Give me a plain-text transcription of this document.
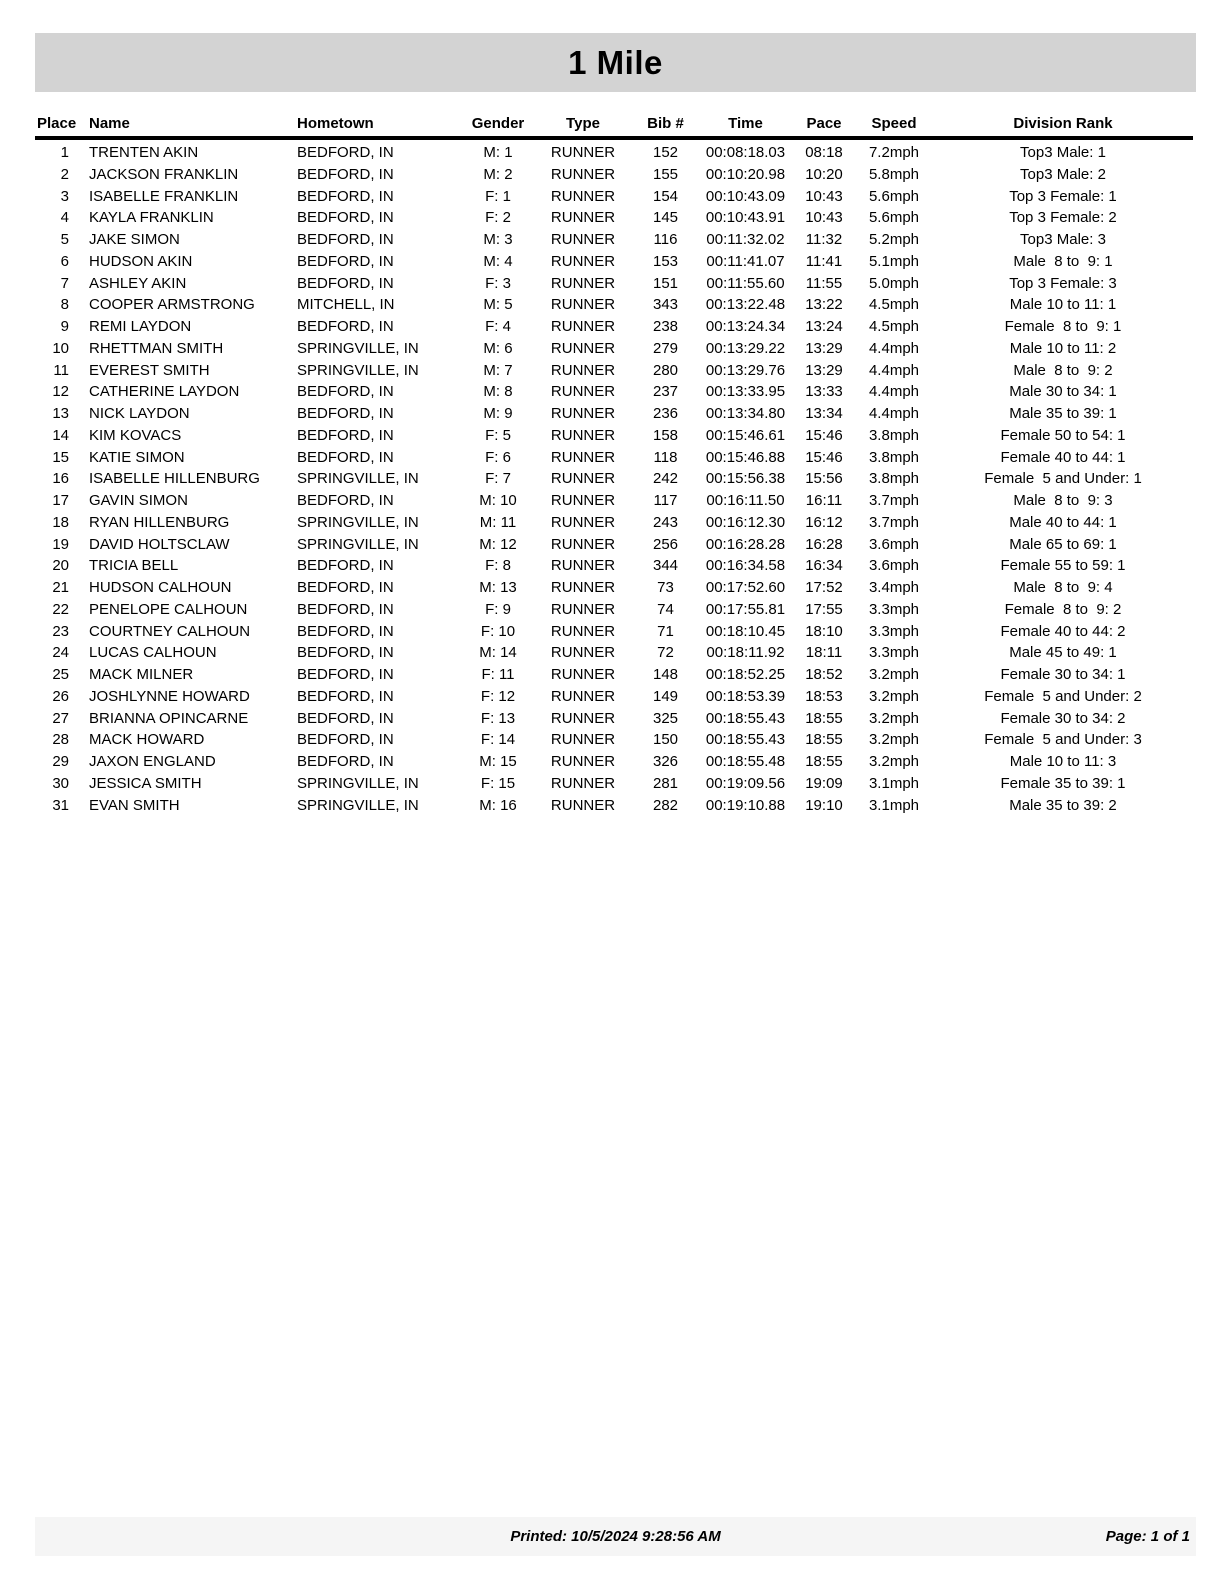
1 Mile
Place	Name	Hometown	Gender	Type	Bib #	Time	Pace	Speed	Division Rank
1	TRENTEN AKIN	BEDFORD, IN	M: 1	RUNNER	152	00:08:18.03	08:18	7.2mph	Top3 Male: 1
2	JACKSON FRANKLIN	BEDFORD, IN	M: 2	RUNNER	155	00:10:20.98	10:20	5.8mph	Top3 Male: 2
3	ISABELLE FRANKLIN	BEDFORD, IN	F: 1	RUNNER	154	00:10:43.09	10:43	5.6mph	Top 3 Female: 1
4	KAYLA FRANKLIN	BEDFORD, IN	F: 2	RUNNER	145	00:10:43.91	10:43	5.6mph	Top 3 Female: 2
5	JAKE SIMON	BEDFORD, IN	M: 3	RUNNER	116	00:11:32.02	11:32	5.2mph	Top3 Male: 3
6	HUDSON AKIN	BEDFORD, IN	M: 4	RUNNER	153	00:11:41.07	11:41	5.1mph	Male  8 to  9: 1
7	ASHLEY AKIN	BEDFORD, IN	F: 3	RUNNER	151	00:11:55.60	11:55	5.0mph	Top 3 Female: 3
8	COOPER ARMSTRONG	MITCHELL, IN	M: 5	RUNNER	343	00:13:22.48	13:22	4.5mph	Male 10 to 11: 1
9	REMI LAYDON	BEDFORD, IN	F: 4	RUNNER	238	00:13:24.34	13:24	4.5mph	Female  8 to  9: 1
10	RHETTMAN SMITH	SPRINGVILLE, IN	M: 6	RUNNER	279	00:13:29.22	13:29	4.4mph	Male 10 to 11: 2
11	EVEREST SMITH	SPRINGVILLE, IN	M: 7	RUNNER	280	00:13:29.76	13:29	4.4mph	Male  8 to  9: 2
12	CATHERINE LAYDON	BEDFORD, IN	M: 8	RUNNER	237	00:13:33.95	13:33	4.4mph	Male 30 to 34: 1
13	NICK LAYDON	BEDFORD, IN	M: 9	RUNNER	236	00:13:34.80	13:34	4.4mph	Male 35 to 39: 1
14	KIM KOVACS	BEDFORD, IN	F: 5	RUNNER	158	00:15:46.61	15:46	3.8mph	Female 50 to 54: 1
15	KATIE SIMON	BEDFORD, IN	F: 6	RUNNER	118	00:15:46.88	15:46	3.8mph	Female 40 to 44: 1
16	ISABELLE HILLENBURG	SPRINGVILLE, IN	F: 7	RUNNER	242	00:15:56.38	15:56	3.8mph	Female  5 and Under: 1
17	GAVIN SIMON	BEDFORD, IN	M: 10	RUNNER	117	00:16:11.50	16:11	3.7mph	Male  8 to  9: 3
18	RYAN HILLENBURG	SPRINGVILLE, IN	M: 11	RUNNER	243	00:16:12.30	16:12	3.7mph	Male 40 to 44: 1
19	DAVID HOLTSCLAW	SPRINGVILLE, IN	M: 12	RUNNER	256	00:16:28.28	16:28	3.6mph	Male 65 to 69: 1
20	TRICIA BELL	BEDFORD, IN	F: 8	RUNNER	344	00:16:34.58	16:34	3.6mph	Female 55 to 59: 1
21	HUDSON CALHOUN	BEDFORD, IN	M: 13	RUNNER	73	00:17:52.60	17:52	3.4mph	Male  8 to  9: 4
22	PENELOPE CALHOUN	BEDFORD, IN	F: 9	RUNNER	74	00:17:55.81	17:55	3.3mph	Female  8 to  9: 2
23	COURTNEY CALHOUN	BEDFORD, IN	F: 10	RUNNER	71	00:18:10.45	18:10	3.3mph	Female 40 to 44: 2
24	LUCAS CALHOUN	BEDFORD, IN	M: 14	RUNNER	72	00:18:11.92	18:11	3.3mph	Male 45 to 49: 1
25	MACK MILNER	BEDFORD, IN	F: 11	RUNNER	148	00:18:52.25	18:52	3.2mph	Female 30 to 34: 1
26	JOSHLYNNE HOWARD	BEDFORD, IN	F: 12	RUNNER	149	00:18:53.39	18:53	3.2mph	Female  5 and Under: 2
27	BRIANNA OPINCARNE	BEDFORD, IN	F: 13	RUNNER	325	00:18:55.43	18:55	3.2mph	Female 30 to 34: 2
28	MACK HOWARD	BEDFORD, IN	F: 14	RUNNER	150	00:18:55.43	18:55	3.2mph	Female  5 and Under: 3
29	JAXON ENGLAND	BEDFORD, IN	M: 15	RUNNER	326	00:18:55.48	18:55	3.2mph	Male 10 to 11: 3
30	JESSICA SMITH	SPRINGVILLE, IN	F: 15	RUNNER	281	00:19:09.56	19:09	3.1mph	Female 35 to 39: 1
31	EVAN SMITH	SPRINGVILLE, IN	M: 16	RUNNER	282	00:19:10.88	19:10	3.1mph	Male 35 to 39: 2
Printed: 10/5/2024 9:28:56 AM	Page: 1 of 1
